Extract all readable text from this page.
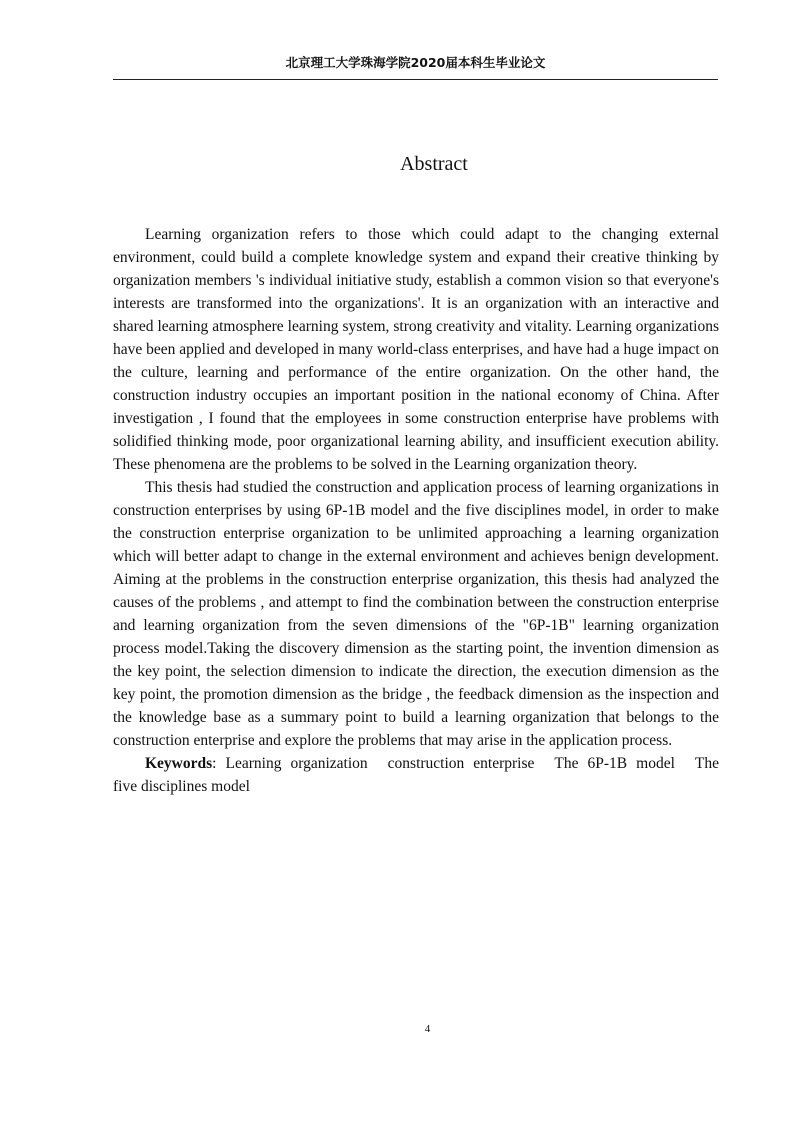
北京理工大学珠海学院2020届本科生毕业论文
Abstract

Learning organization refers to those which could adapt to the changing external environment, could build a complete knowledge system and expand their creative thinking by organization members 's individual initiative study, establish a common vision so that everyone's interests are transformed into the organizations'. It is an organization with an interactive and shared learning atmosphere learning system, strong creativity and vitality. Learning organizations have been applied and developed in many world-class enterprises, and have had a huge impact on the culture, learning and performance of the entire organization. On the other hand, the construction industry occupies an important position in the national economy of China. After investigation , I found that the employees in some construction enterprise have problems with solidified thinking mode, poor organizational learning ability, and insufficient execution ability. These phenomena are the problems to be solved in the Learning organization theory.

This thesis had studied the construction and application process of learning organizations in construction enterprises by using 6P-1B model and the five disciplines model, in order to make the construction enterprise organization to be unlimited approaching a learning organization which will better adapt to change in the external environment and achieves benign development. Aiming at the problems in the construction enterprise organization, this thesis had analyzed the causes of the problems , and attempt to find the combination between the construction enterprise and learning organization from the seven dimensions of the "6P-1B" learning organization process model.Taking the discovery dimension as the starting point, the invention dimension as the key point, the selection dimension to indicate the direction, the execution dimension as the key point, the promotion dimension as the bridge , the feedback dimension as the inspection and the knowledge base as a summary point to build a learning organization that belongs to the construction enterprise and explore the problems that may arise in the application process.

Keywords: Learning organization construction enterprise The 6P-1B model The five disciplines model

4
